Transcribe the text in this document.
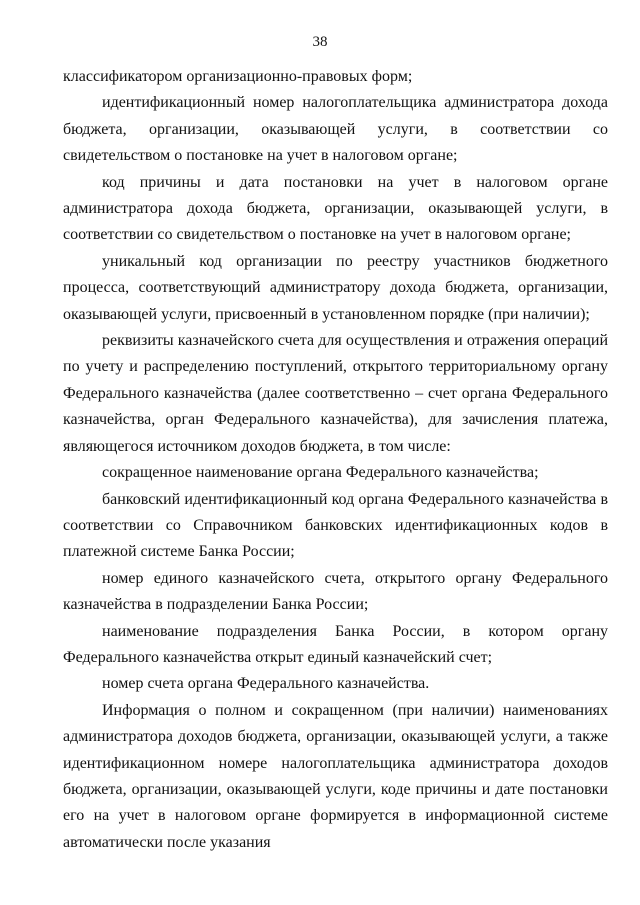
38

классификатором организационно-правовых форм;

идентификационный номер налогоплательщика администратора дохода бюджета, организации, оказывающей услуги, в соответствии со свидетельством о постановке на учет в налоговом органе;

код причины и дата постановки на учет в налоговом органе администратора дохода бюджета, организации, оказывающей услуги, в соответствии со свидетельством о постановке на учет в налоговом органе;

уникальный код организации по реестру участников бюджетного процесса, соответствующий администратору дохода бюджета, организации, оказывающей услуги, присвоенный в установленном порядке (при наличии);

реквизиты казначейского счета для осуществления и отражения операций по учету и распределению поступлений, открытого территориальному органу Федерального казначейства (далее соответственно – счет органа Федерального казначейства, орган Федерального казначейства), для зачисления платежа, являющегося источником доходов бюджета, в том числе:

сокращенное наименование органа Федерального казначейства;

банковский идентификационный код органа Федерального казначейства в соответствии со Справочником банковских идентификационных кодов в платежной системе Банка России;

номер единого казначейского счета, открытого органу Федерального казначейства в подразделении Банка России;

наименование подразделения Банка России, в котором органу Федерального казначейства открыт единый казначейский счет;

номер счета органа Федерального казначейства.

Информация о полном и сокращенном (при наличии) наименованиях администратора доходов бюджета, организации, оказывающей услуги, а также идентификационном номере налогоплательщика администратора доходов бюджета, организации, оказывающей услуги, коде причины и дате постановки его на учет в налоговом органе формируется в информационной системе автоматически после указания
